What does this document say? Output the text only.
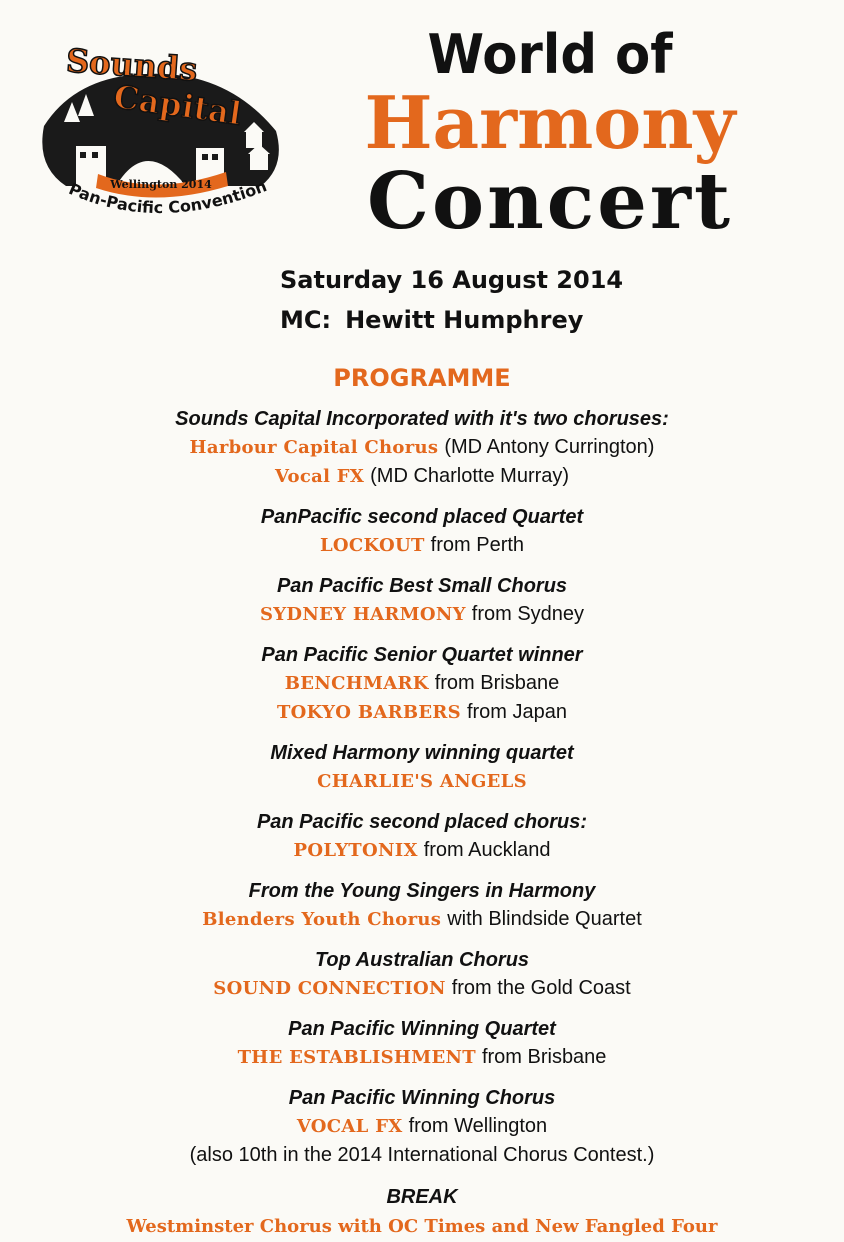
Wellington 2014
Sounds
Capital
Pan-Pacific Convention
World of
Harmony
Concert
Saturday 16 August 2014
MC: Hewitt Humphrey
PROGRAMME
Sounds Capital Incorporated with it's two choruses:
Harbour Capital Chorus (MD Antony Currington)
Vocal FX (MD Charlotte Murray)
PanPacific second placed Quartet
LOCKOUT from Perth
Pan Pacific Best Small Chorus
SYDNEY HARMONY from Sydney
Pan Pacific Senior Quartet winner
BENCHMARK from Brisbane
TOKYO BARBERS from Japan
Mixed Harmony winning quartet
CHARLIE'S ANGELS
Pan Pacific second placed chorus:
POLYTONIX from Auckland
From the Young Singers in Harmony
Blenders Youth Chorus with Blindside Quartet
Top Australian Chorus
SOUND CONNECTION from the Gold Coast
Pan Pacific Winning Quartet
THE ESTABLISHMENT from Brisbane
Pan Pacific Winning Chorus
VOCAL FX from Wellington
(also 10th in the 2014 International Chorus Contest.)
BREAK
Westminster Chorus with OC Times and New Fangled Four
